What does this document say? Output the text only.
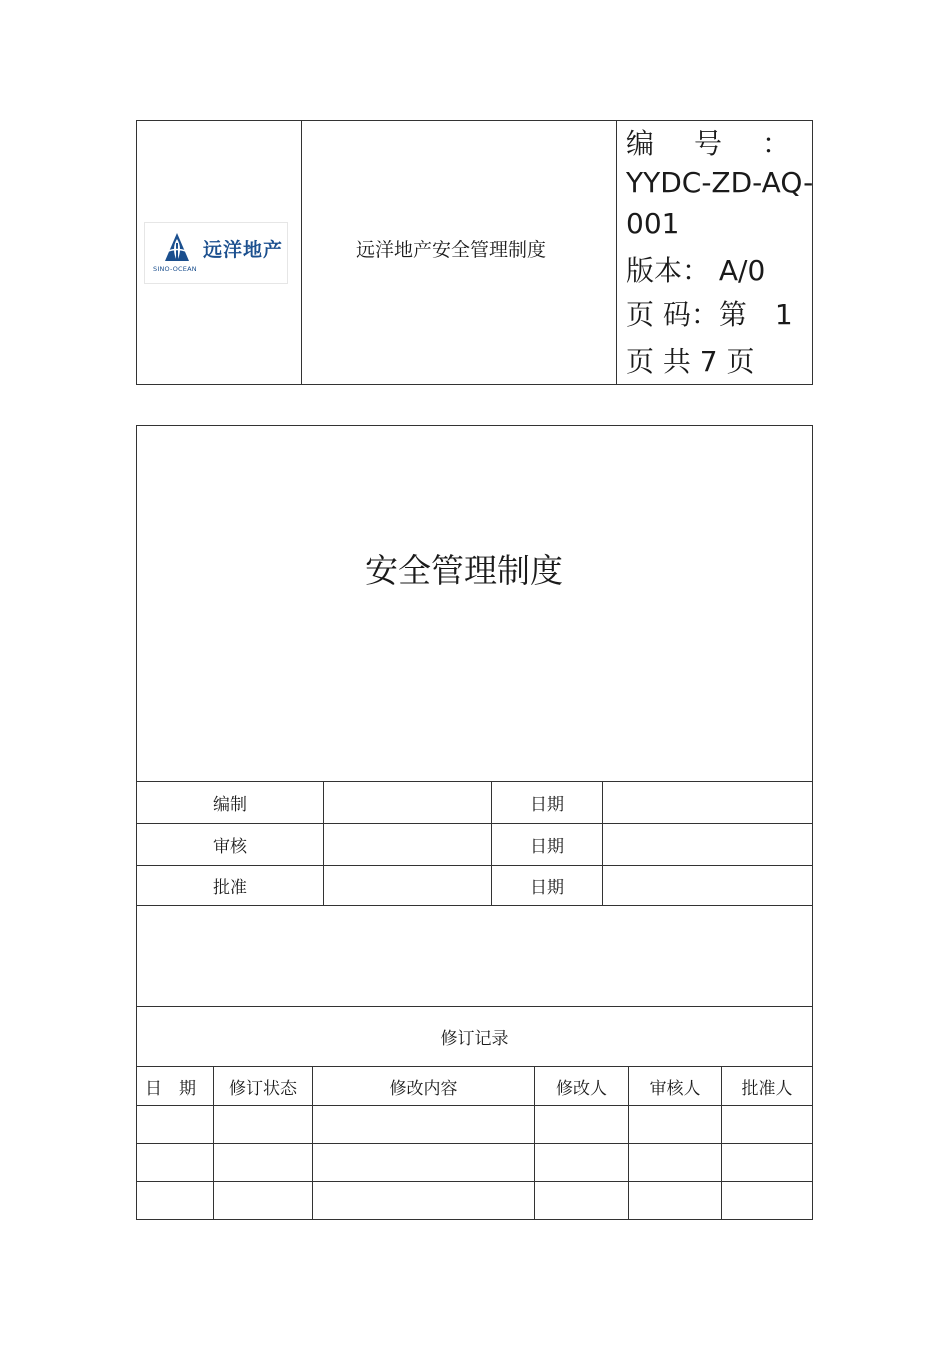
远洋地产
SINO-OCEAN
远洋地产安全管理制度
编　号　：
YYDC-ZD-AQ-
001
版本： A/0
页 码：第　1
页 共 7 页
安全管理制度
编制	日期
审核	日期
批准	日期
修订记录
日　期	修订状态	修改内容	修改人	审核人	批准人
